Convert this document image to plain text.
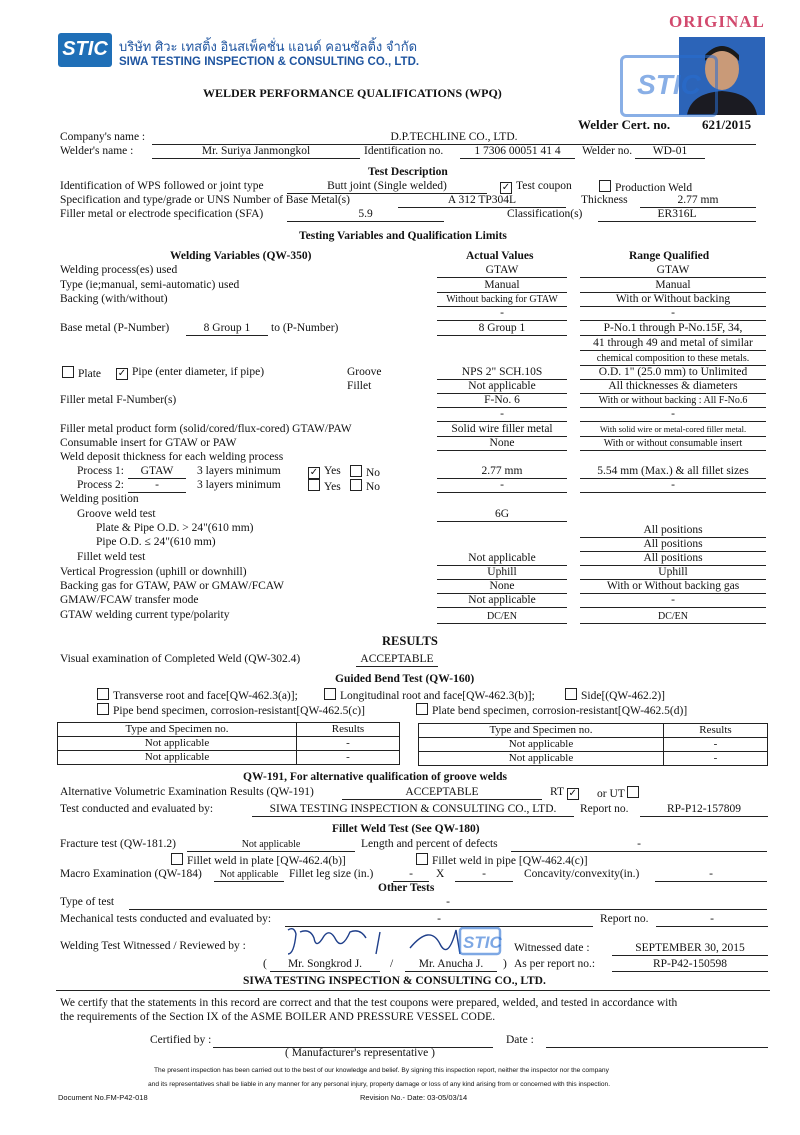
ORIGINAL
STIC บริษัท ศิวะ เทสติ้ง อินสเพ็คชั่น แอนด์ คอนซัลติ้ง จำกัด
SIWA TESTING INSPECTION & CONSULTING CO., LTD.
STIC
WELDER PERFORMANCE QUALIFICATIONS (WPQ)
Welder Cert. no. 621/2015
Company's name :	D.P.TECHLINE CO., LTD.
Welder's name :	Mr. Suriya Janmongkol	Identification no.	1 7306 00051 41 4	Welder no.	WD-01
Test Description
Identification of WPS followed or joint type	Butt joint (Single welded)	✓ Test coupon	Production Weld
Specification and type/grade or UNS Number of Base Metal(s)	A 312 TP304L	Thickness	2.77 mm
Filler metal or electrode specification (SFA)	5.9	Classification(s)	ER316L
Testing Variables and Qualification Limits
Welding Variables (QW-350)	Actual Values	Range Qualified
Welding process(es) used	GTAW	GTAW
Type (ie;manual, semi-automatic) used	Manual	Manual
Backing (with/without)	Without backing for GTAW	With or Without backing
-	-
Base metal (P-Number)	8 Group 1	to (P-Number)	8 Group 1	P-No.1 through P-No.15F, 34,
41 through 49 and metal of similar
chemical composition to these metals.
Plate ✓ Pipe (enter diameter, if pipe)	Groove	NPS 2" SCH.10S	O.D. 1" (25.0 mm) to Unlimited
Fillet	Not applicable	All thicknesses & diameters
Filler metal F-Number(s)	F-No. 6	With or without backing : All F-No.6
-	-
Filler metal product form (solid/cored/flux-cored) GTAW/PAW	Solid wire filler metal	With solid wire or metal-cored filler metal.
Consumable insert for GTAW or PAW	None	With or without consumable insert
Weld deposit thickness for each welding process
Process 1:	GTAW	3 layers minimum	✓ Yes	No	2.77 mm	5.54 mm (Max.) & all fillet sizes
Process 2:	-	3 layers minimum	Yes	No	-	-
Welding position
Groove weld test	6G
Plate & Pipe O.D. > 24"(610 mm)	All positions
Pipe O.D. ≤ 24"(610 mm)	All positions
Fillet weld test	Not applicable	All positions
Vertical Progression (uphill or downhill)	Uphill	Uphill
Backing gas for GTAW, PAW or GMAW/FCAW	None	With or Without backing gas
GMAW/FCAW transfer mode	Not applicable	-
GTAW welding current type/polarity	DC/EN	DC/EN
RESULTS
Visual examination of Completed Weld (QW-302.4)	ACCEPTABLE
Guided Bend Test (QW-160)
Transverse root and face[QW-462.3(a)];	Longitudinal root and face[QW-462.3(b)];	Side[(QW-462.2)]
Pipe bend specimen, corrosion-resistant[QW-462.5(c)]	Plate bend specimen, corrosion-resistant[QW-462.5(d)]
Type and Specimen no.	Results
Not applicable	-
Not applicable	-
Type and Specimen no.	Results
Not applicable	-
Not applicable	-
QW-191, For alternative qualification of groove welds
Alternative Volumetric Examination Results (QW-191)	ACCEPTABLE	RT ✓	or UT
Test conducted and evaluated by:	SIWA TESTING INSPECTION & CONSULTING CO., LTD.	Report no.	RP-P12-157809
Fillet Weld Test (See QW-180)
Fracture test (QW-181.2)	Not applicable	Length and percent of defects	-
Fillet weld in plate [QW-462.4(b)]	Fillet weld in pipe [QW-462.4(c)]
Macro Examination (QW-184)	Not applicable Fillet leg size (in.)	-	X	-	Concavity/convexity(in.)	-
Other Tests
Type of test	-
Mechanical tests conducted and evaluated by:	-	Report no.	-
Welding Test Witnessed / Reviewed by :	STIC
(	Mr. Songkrod J.	/	Mr. Anucha J.	)
Witnessed date :	SEPTEMBER 30, 2015
As per report no.:	RP-P42-150598
SIWA TESTING INSPECTION & CONSULTING CO., LTD.
We certify that the statements in this record are correct and that the test coupons were prepared, welded, and tested in accordance with
the requirements of the Section IX of the ASME BOILER AND PRESSURE VESSEL CODE.
Certified by :	Date :
( Manufacturer's representative )
The present inspection has been carried out to the best of our knowledge and belief. By signing this inspection report, neither the inspector nor the company
and its representatives shall be liable in any manner for any personal injury, property damage or loss of any kind arising from or concerned with this inspection.
Document No.FM-P42-018	Revision No.- Date: 03-05/03/14
